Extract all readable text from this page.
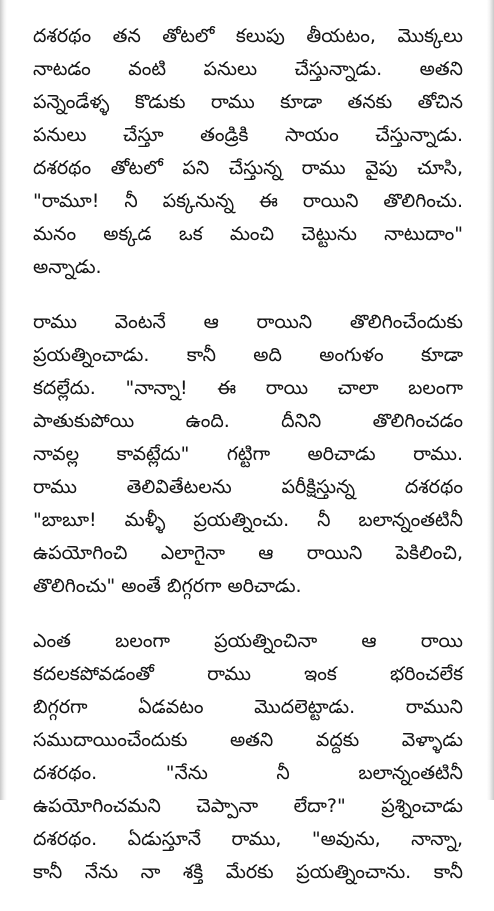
దశరథం తన తోటలో కలుపు తీయటం, మొక్కలు
నాటడం వంటి పనులు చేస్తున్నాడు. అతని
పన్నెండేళ్ళ కొడుకు రాము కూడా తనకు తోచిన
పనులు చేస్తూ తండ్రికి సాయం చేస్తున్నాడు.
దశరథం తోటలో పని చేస్తున్న రాము వైపు చూసి,
"రామూ! నీ పక్కనున్న ఈ రాయిని తొలిగించు.
మనం అక్కడ ఒక మంచి చెట్టును నాటుదాం"
అన్నాడు.
రాము వెంటనే ఆ రాయిని తొలిగించేందుకు
ప్రయత్నించాడు. కానీ అది అంగుళం కూడా
కదల్లేదు. "నాన్నా! ఈ రాయి చాలా బలంగా
పాతుకుపోయి ఉంది. దీనిని తొలిగించడం
నావల్ల కావట్లేదు" గట్టిగా అరిచాడు రాము.
రాము తెలివితేటలను పరీక్షిస్తున్న దశరథం
"బాబూ! మళ్ళీ ప్రయత్నించు. నీ బలాన్నంతటినీ
ఉపయోగించి ఎలాగైనా ఆ రాయిని పెకిలించి,
తొలిగించు" అంతే బిగ్గరగా అరిచాడు.
ఎంత బలంగా ప్రయత్నించినా ఆ రాయి
కదలకపోవడంతో రాము ఇంక భరించలేక
బిగ్గరగా ఏడవటం మొదలెట్టాడు. రాముని
సముదాయించేందుకు అతని వద్దకు వెళ్ళాడు
దశరథం. "నేను నీ బలాన్నంతటినీ
ఉపయోగించమని చెప్పానా లేదా?" ప్రశ్నించాడు
దశరథం. ఏడుస్తూనే రాము, "అవును, నాన్నా,
కానీ నేను నా శక్తి మేరకు ప్రయత్నించాను. కానీ
